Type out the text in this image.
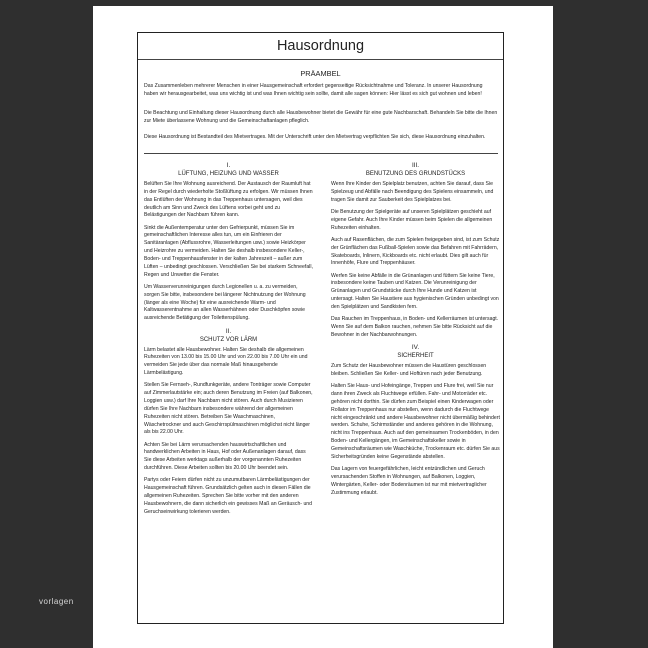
Hausordnung
PRÄAMBEL

Das Zusammenleben mehrerer Menschen in einer Hausgemeinschaft erfordert gegenseitige Rücksichtnahme und Toleranz. In unserer Hausordnung haben wir herausgearbeitet, was uns wichtig ist und was Ihnen wichtig sein sollte, damit alle sagen können: Hier lässt es sich gut wohnen und leben!

Die Beachtung und Einhaltung dieser Hausordnung durch alle Hausbewohner bietet die Gewähr für eine gute Nachbarschaft. Behandeln Sie bitte die Ihnen zur Miete überlassene Wohnung und die Gemeinschaftanlagen pfleglich.

Diese Hausordnung ist Bestandteil des Mietvertrages. Mit der Unterschrift unter den Mietvertrag verpflichten Sie sich, diese Hausordnung einzuhalten.

I.
LÜFTUNG, HEIZUNG UND WASSER

Belüften Sie Ihre Wohnung ausreichend. Der Austausch der Raumluft hat in der Regel durch wiederholte Stoßlüftung zu erfolgen. Wir müssen Ihnen das Entlüften der Wohnung in das Treppenhaus untersagen, weil dies deutlich am Sinn und Zweck des Lüftens vorbei geht und zu Belästigungen der Nachbarn führen kann.

Sinkt die Außentemperatur unter den Gefrierpunkt, müssen Sie im gemeinschaftlichen Interesse alles tun, um ein Einfrieren der Sanitäranlagen (Abflussrohre, Wasserleitungen usw.) sowie Heizkörper und Heizrohre zu vermeiden. Halten Sie deshalb insbesondere Keller-, Boden- und Treppenhausfenster in der kalten Jahreszeit – außer zum Lüften – unbedingt geschlossen. Verschließen Sie bei starkem Schneefall, Regen und Unwetter die Fenster.

Um Wasserverunreinigungen durch Legionellen u. a. zu vermeiden, sorgen Sie bitte, insbesondere bei längerer Nichtnutzung der Wohnung (länger als eine Woche) für eine ausreichende Warm- und Kaltwasserentnahme an allen Wasserhähnen oder Duschköpfen sowie ausreichende Betätigung der Toilettenspülung.

II.
SCHUTZ VOR LÄRM

Lärm belastet alle Hausbewohner. Halten Sie deshalb die allgemeinen Ruhezeiten von 13.00 bis 15.00 Uhr und von 22.00 bis 7.00 Uhr ein und vermeiden Sie jede über das normale Maß hinausgehende Lärmbelästigung.

Stellen Sie Fernseh-, Rundfunkgeräte, andere Tonträger sowie Computer auf Zimmerlautstärke ein; auch deren Benutzung im Freien (auf Balkonen, Loggien usw.) darf Ihre Nachbarn nicht stören. Auch durch Musizieren dürfen Sie Ihre Nachbarn insbesondere während der allgemeinen Ruhezeiten nicht stören. Betreiben Sie Waschmaschinen, Wäschetrockner und auch Geschirrspülmaschinen möglichst nicht länger als bis 22.00 Uhr.

Achten Sie bei Lärm verursachenden hauswirtschaftlichen und handwerklichen Arbeiten in Haus, Hof oder Außenanlagen darauf, dass Sie diese Arbeiten werktags außerhalb der vorgenannten Ruhezeiten durchführen. Diese Arbeiten sollten bis 20.00 Uhr beendet sein.

Partys oder Feiern dürfen nicht zu unzumutbaren Lärmbelästigungen der Hausgemeinschaft führen. Grundsätzlich gelten auch in diesen Fällen die allgemeinen Ruhezeiten. Sprechen Sie bitte vorher mit den anderen Hausbewohnern, die dann sicherlich ein gewisses Maß an Geräusch- und Geruchseinwirkung tolerieren werden.

III.
BENUTZUNG DES GRUNDSTÜCKS

Wenn Ihre Kinder den Spielplatz benutzen, achten Sie darauf, dass Sie Spielzeug und Abfälle nach Beendigung des Spielens einsammeln, und tragen Sie damit zur Sauberkeit des Spielplatzes bei.

Die Benutzung der Spielgeräte auf unseren Spielplätzen geschieht auf eigene Gefahr. Auch Ihre Kinder müssen beim Spielen die allgemeinen Ruhezeiten einhalten.

Auch auf Rasenflächen, die zum Spielen freigegeben sind, ist zum Schutz der Grünflächen das Fußball-Spielen sowie das Befahren mit Fahrrädern, Skateboards, Inlinern, Kickboards etc. nicht erlaubt. Dies gilt auch für Innenhöfe, Flure und Treppenhäuser.

Werfen Sie keine Abfälle in die Grünanlagen und füttern Sie keine Tiere, insbesondere keine Tauben und Katzen. Die Verunreinigung der Grünanlagen und Grundstücke durch Ihre Hunde und Katzen ist untersagt. Halten Sie Haustiere aus hygienischen Gründen unbedingt von den Spielplätzen und Sandkisten fern.

Das Rauchen im Treppenhaus, in Boden- und Kellerräumen ist untersagt. Wenn Sie auf dem Balkon rauchen, nehmen Sie bitte Rücksicht auf die Bewohner in der Nachbarwohnungen.

IV.
SICHERHEIT

Zum Schutz der Hausbewohner müssen die Haustüren geschlossen bleiben. Schließen Sie Keller- und Hoftüren nach jeder Benutzung.

Halten Sie Haus- und Hofeingänge, Treppen und Flure frei, weil Sie nur dann ihren Zweck als Fluchtwege erfüllen. Fahr- und Motorräder etc. gehören nicht dorthin. Sie dürfen zum Beispiel einen Kinderwagen oder Rollator im Treppenhaus nur abstellen, wenn dadurch die Fluchtwege nicht eingeschränkt und andere Hausbewohner nicht übermäßig behindert werden. Schuhe, Schirmständer und anderes gehören in die Wohnung, nicht ins Treppenhaus. Auch auf den gemeinsamen Trockenböden, in den Boden- und Kellergängen, im Gemeinschaftskeller sowie in Gemeinschaftsräumen wie Waschküche, Trockenraum etc. dürfen Sie aus Sicherheitsgründen keine Gegenstände abstellen.

Das Lagern von feuergefährlichen, leicht entzündlichen und Geruch verursachenden Stoffen in Wohnungen, auf Balkonen, Loggien, Wintergärten, Keller- oder Bodenräumen ist nur mit mietvertraglicher Zustimmung erlaubt.

vorlagen
